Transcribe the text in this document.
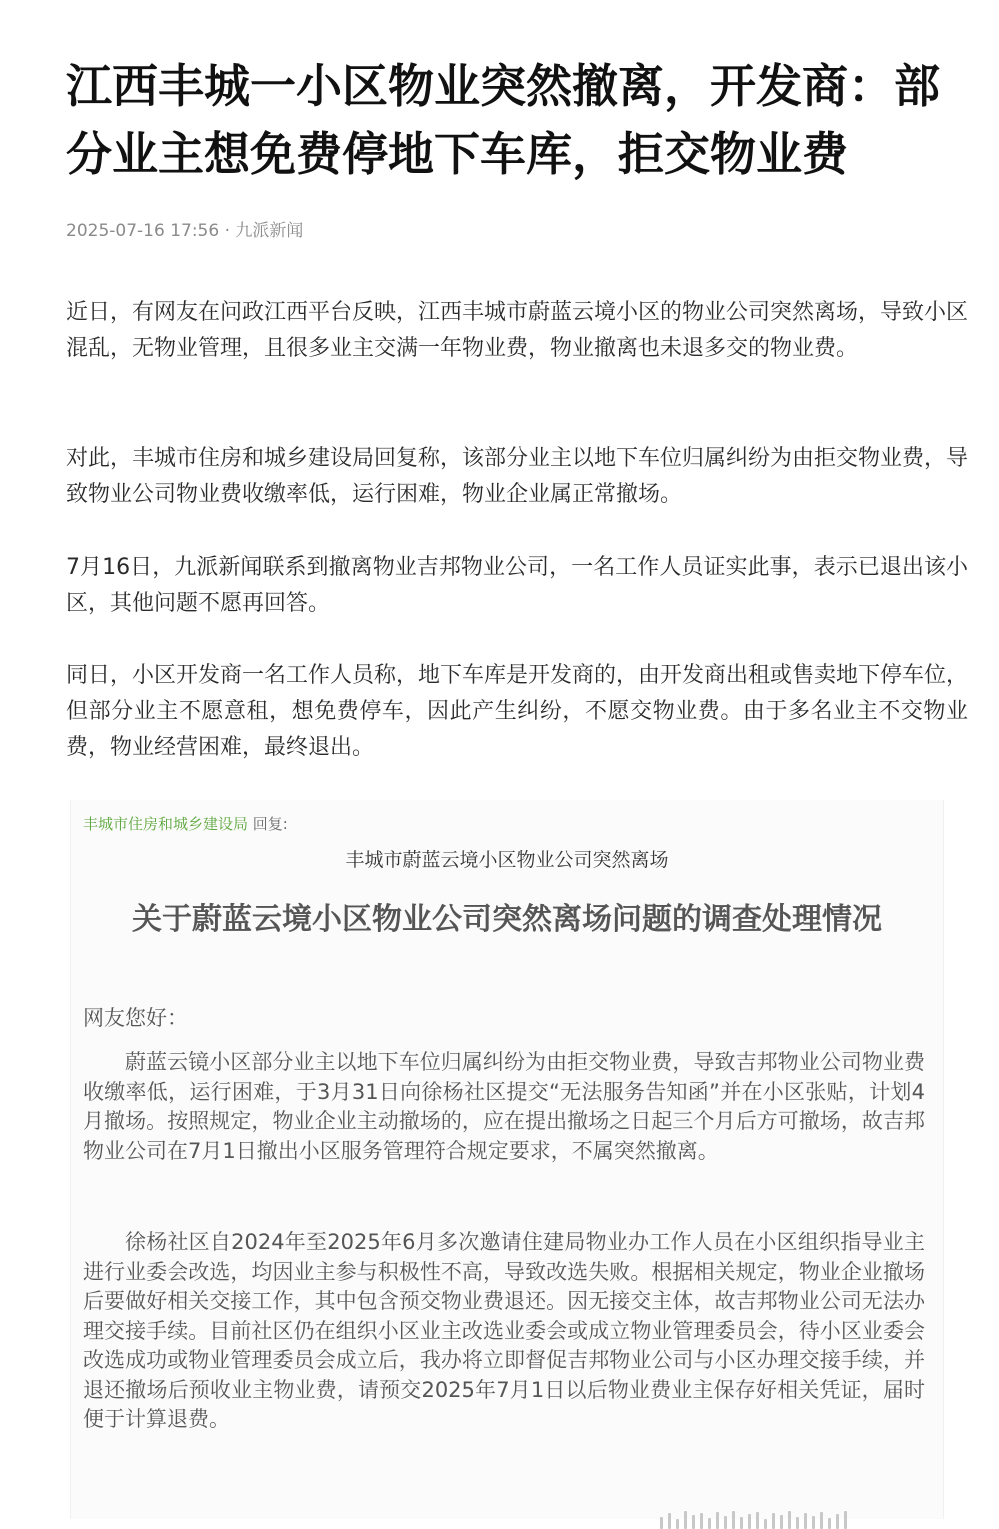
江西丰城一小区物业突然撤离，开发商：部分业主想免费停地下车库，拒交物业费
2025-07-16 17:56 · 九派新闻

近日，有网友在问政江西平台反映，江西丰城市蔚蓝云境小区的物业公司突然离场，导致小区混乱，无物业管理，且很多业主交满一年物业费，物业撤离也未退多交的物业费。

对此，丰城市住房和城乡建设局回复称，该部分业主以地下车位归属纠纷为由拒交物业费，导致物业公司物业费收缴率低，运行困难，物业企业属正常撤场。

7月16日，九派新闻联系到撤离物业吉邦物业公司，一名工作人员证实此事，表示已退出该小区，其他问题不愿再回答。

同日，小区开发商一名工作人员称，地下车库是开发商的，由开发商出租或售卖地下停车位，但部分业主不愿意租，想免费停车，因此产生纠纷，不愿交物业费。由于多名业主不交物业费，物业经营困难，最终退出。

丰城市住房和城乡建设局 回复:
丰城市蔚蓝云境小区物业公司突然离场
关于蔚蓝云境小区物业公司突然离场问题的调查处理情况
网友您好：

蔚蓝云镜小区部分业主以地下车位归属纠纷为由拒交物业费，导致吉邦物业公司物业费收缴率低，运行困难，于3月31日向徐杨社区提交“无法服务告知函”并在小区张贴，计划4月撤场。按照规定，物业企业主动撤场的，应在提出撤场之日起三个月后方可撤场，故吉邦物业公司在7月1日撤出小区服务管理符合规定要求，不属突然撤离。

徐杨社区自2024年至2025年6月多次邀请住建局物业办工作人员在小区组织指导业主进行业委会改选，均因业主参与积极性不高，导致改选失败。根据相关规定，物业企业撤场后要做好相关交接工作，其中包含预交物业费退还。因无接交主体，故吉邦物业公司无法办理交接手续。目前社区仍在组织小区业主改选业委会或成立物业管理委员会，待小区业委会改选成功或物业管理委员会成立后，我办将立即督促吉邦物业公司与小区办理交接手续，并退还撤场后预收业主物业费，请预交2025年7月1日以后物业费业主保存好相关凭证，届时便于计算退费。
